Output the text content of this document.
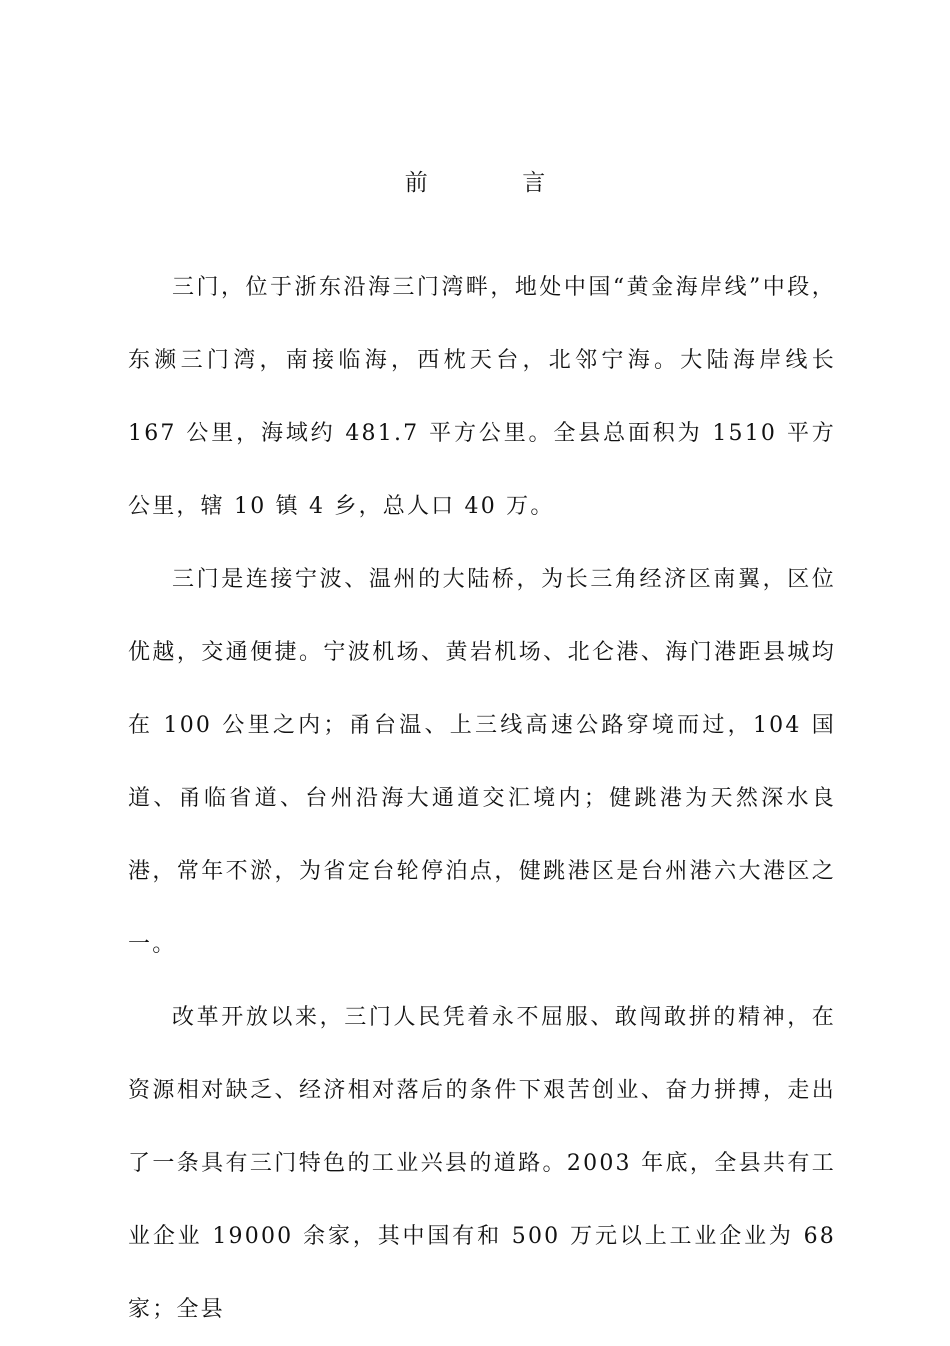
前  言

三门，位于浙东沿海三门湾畔，地处中国“黄金海岸线”中段，东濒三门湾，南接临海，西枕天台，北邻宁海。大陆海岸线长 167 公里，海域约 481.7 平方公里。全县总面积为 1510 平方公里，辖 10 镇 4 乡，总人口 40 万。

三门是连接宁波、温州的大陆桥，为长三角经济区南翼，区位优越，交通便捷。宁波机场、黄岩机场、北仑港、海门港距县城均在 100 公里之内；甬台温、上三线高速公路穿境而过，104 国道、甬临省道、台州沿海大通道交汇境内；健跳港为天然深水良港，常年不淤，为省定台轮停泊点，健跳港区是台州港六大港区之一。

改革开放以来，三门人民凭着永不屈服、敢闯敢拼的精神，在资源相对缺乏、经济相对落后的条件下艰苦创业、奋力拼搏，走出了一条具有三门特色的工业兴县的道路。2003 年底，全县共有工业企业 19000 余家，其中国有和 500 万元以上工业企业为 68 家；全县
